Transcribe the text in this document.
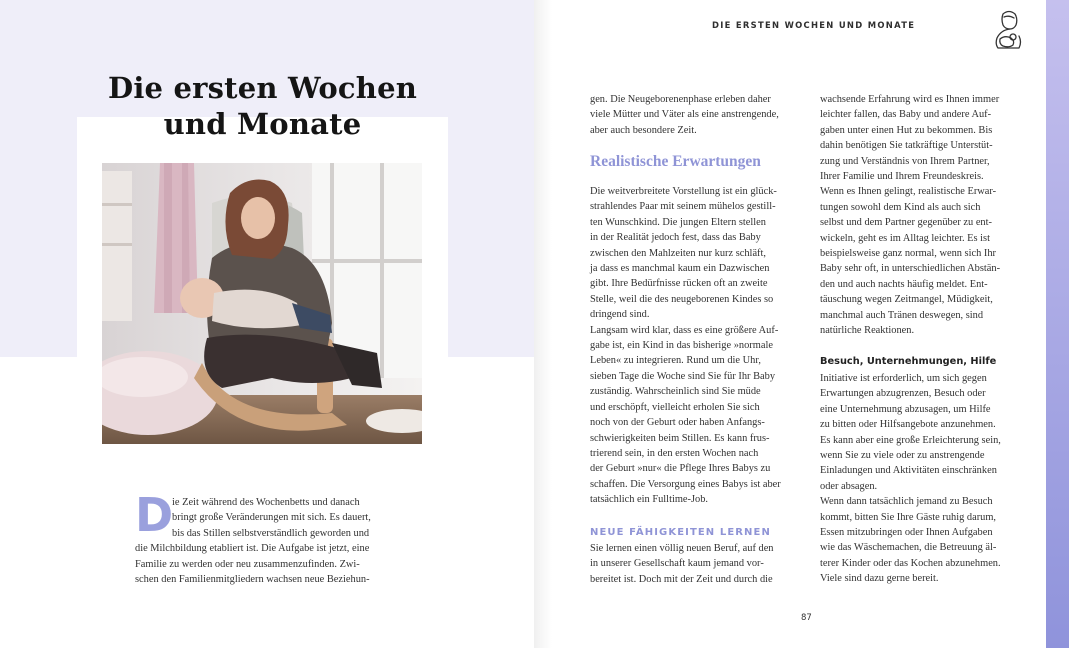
Die ersten Wochen
und Monate
D

ie Zeit während des Wochenbetts und danach

bringt große Veränderungen mit sich. Es dauert,

bis das Stillen selbstverständlich geworden und

die Milchbildung etabliert ist. Die Aufgabe ist jetzt, eine

Familie zu werden oder neu zusammenzufinden. Zwi-

schen den Familienmitgliedern wachsen neue Beziehun-

DIE ERSTEN WOCHEN UND MONATE

gen. Die Neugeborenenphase erleben daher

viele Mütter und Väter als eine anstrengende,

aber auch besondere Zeit.

Realistische Erwartungen

Die weitverbreitete Vorstellung ist ein glück-

strahlendes Paar mit seinem mühelos gestill-

ten Wunschkind. Die jungen Eltern stellen

in der Realität jedoch fest, dass das Baby

zwischen den Mahlzeiten nur kurz schläft,

ja dass es manchmal kaum ein Dazwischen

gibt. Ihre Bedürfnisse rücken oft an zweite

Stelle, weil die des neugeborenen Kindes so

dringend sind.

Langsam wird klar, dass es eine größere Auf-

gabe ist, ein Kind in das bisherige »normale

Leben« zu integrieren. Rund um die Uhr,

sieben Tage die Woche sind Sie für Ihr Baby

zuständig. Wahrscheinlich sind Sie müde

und erschöpft, vielleicht erholen Sie sich

noch von der Geburt oder haben Anfangs-

schwierigkeiten beim Stillen. Es kann frus-

trierend sein, in den ersten Wochen nach

der Geburt »nur« die Pflege Ihres Babys zu

schaffen. Die Versorgung eines Babys ist aber

tatsächlich ein Fulltime-Job.

NEUE FÄHIGKEITEN LERNEN

Sie lernen einen völlig neuen Beruf, auf den

in unserer Gesellschaft kaum jemand vor-

bereitet ist. Doch mit der Zeit und durch die

wachsende Erfahrung wird es Ihnen immer

leichter fallen, das Baby und andere Auf-

gaben unter einen Hut zu bekommen. Bis

dahin benötigen Sie tatkräftige Unterstüt-

zung und Verständnis von Ihrem Partner,

Ihrer Familie und Ihrem Freundeskreis.

Wenn es Ihnen gelingt, realistische Erwar-

tungen sowohl dem Kind als auch sich

selbst und dem Partner gegenüber zu ent-

wickeln, geht es im Alltag leichter. Es ist

beispielsweise ganz normal, wenn sich Ihr

Baby sehr oft, in unterschiedlichen Abstän-

den und auch nachts häufig meldet. Ent-

täuschung wegen Zeitmangel, Müdigkeit,

manchmal auch Tränen deswegen, sind

natürliche Reaktionen.

Besuch, Unternehmungen, Hilfe

Initiative ist erforderlich, um sich gegen

Erwartungen abzugrenzen, Besuch oder

eine Unternehmung abzusagen, um Hilfe

zu bitten oder Hilfsangebote anzunehmen.

Es kann aber eine große Erleichterung sein,

wenn Sie zu viele oder zu anstrengende

Einladungen und Aktivitäten einschränken

oder absagen.

Wenn dann tatsächlich jemand zu Besuch

kommt, bitten Sie Ihre Gäste ruhig darum,

Essen mitzubringen oder Ihnen Aufgaben

wie das Wäschemachen, die Betreuung äl-

terer Kinder oder das Kochen abzunehmen.

Viele sind dazu gerne bereit.

87
